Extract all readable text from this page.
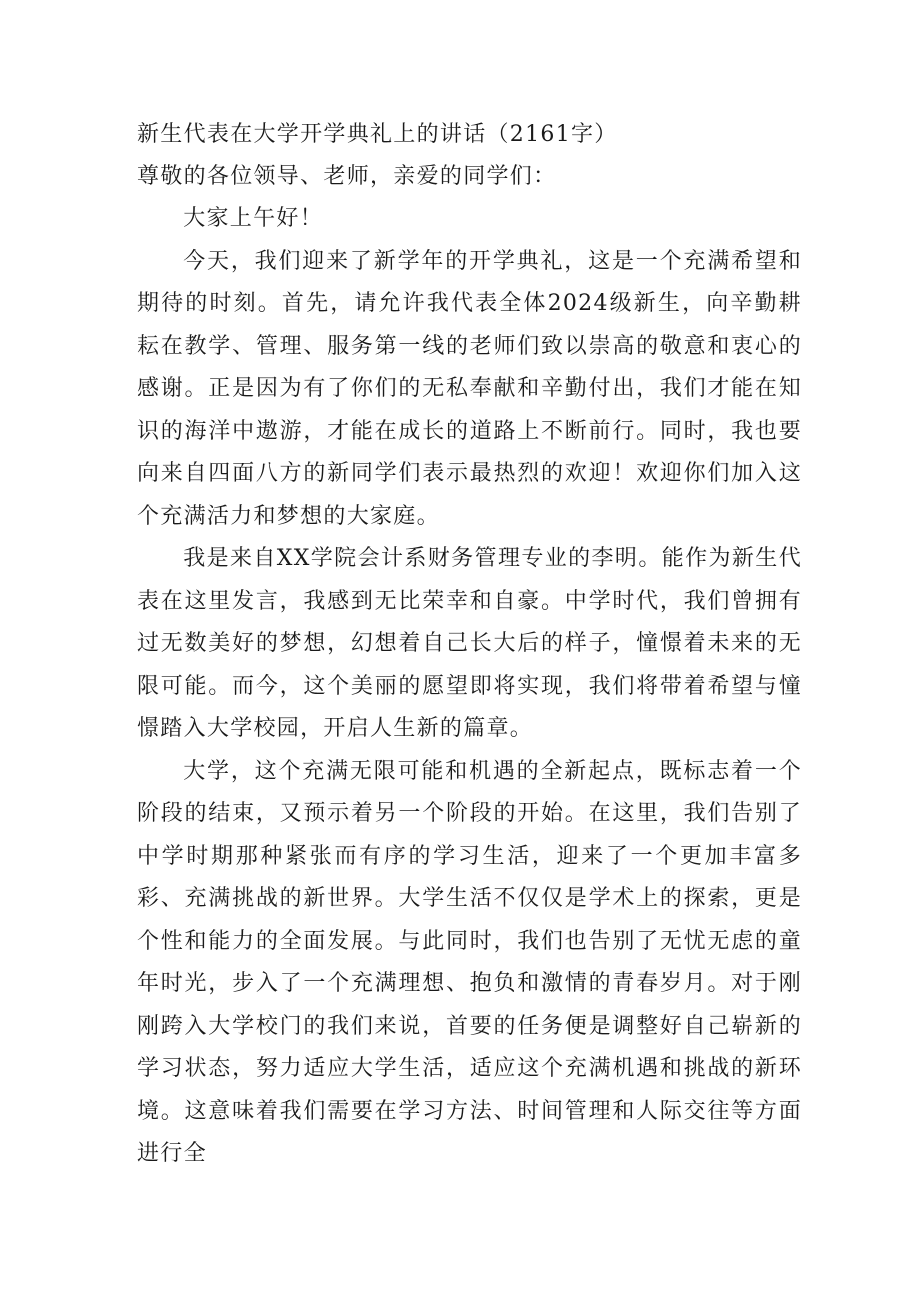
新生代表在大学开学典礼上的讲话（2161字）
尊敬的各位领导、老师，亲爱的同学们：

大家上午好！

今天，我们迎来了新学年的开学典礼，这是一个充满希望和期待的时刻。首先，请允许我代表全体2024级新生，向辛勤耕耘在教学、管理、服务第一线的老师们致以崇高的敬意和衷心的感谢。正是因为有了你们的无私奉献和辛勤付出，我们才能在知识的海洋中遨游，才能在成长的道路上不断前行。同时，我也要向来自四面八方的新同学们表示最热烈的欢迎！欢迎你们加入这个充满活力和梦想的大家庭。

我是来自XX学院会计系财务管理专业的李明。能作为新生代表在这里发言，我感到无比荣幸和自豪。中学时代，我们曾拥有过无数美好的梦想，幻想着自己长大后的样子，憧憬着未来的无限可能。而今，这个美丽的愿望即将实现，我们将带着希望与憧憬踏入大学校园，开启人生新的篇章。

大学，这个充满无限可能和机遇的全新起点，既标志着一个阶段的结束，又预示着另一个阶段的开始。在这里，我们告别了中学时期那种紧张而有序的学习生活，迎来了一个更加丰富多彩、充满挑战的新世界。大学生活不仅仅是学术上的探索，更是个性和能力的全面发展。与此同时，我们也告别了无忧无虑的童年时光，步入了一个充满理想、抱负和激情的青春岁月。对于刚刚跨入大学校门的我们来说，首要的任务便是调整好自己崭新的学习状态，努力适应大学生活，适应这个充满机遇和挑战的新环境。这意味着我们需要在学习方法、时间管理和人际交往等方面进行全
